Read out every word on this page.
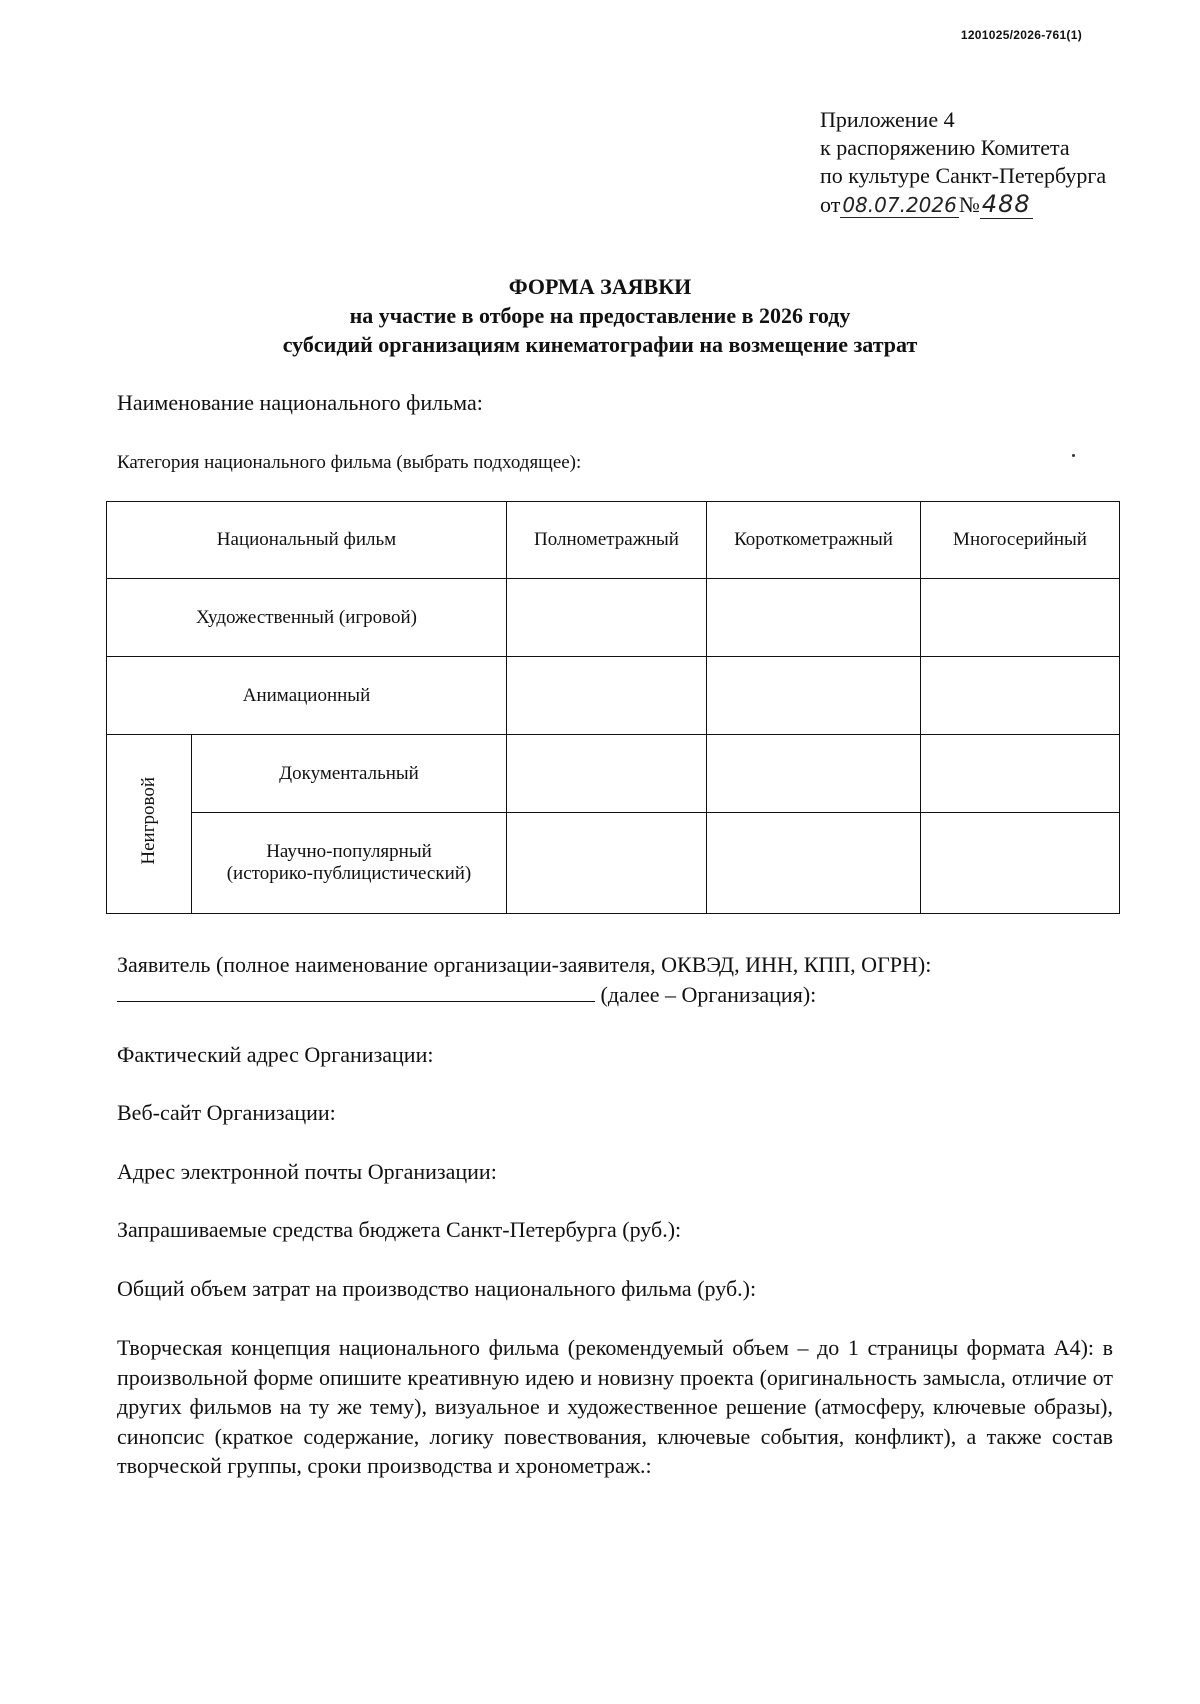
1201025/2026-761(1)
Приложение 4
к распоряжению Комитета
по культуре Санкт-Петербурга
от 08.07.2026№488
ФОРМА ЗАЯВКИ
на участие в отборе на предоставление в 2026 году
субсидий организациям кинематографии на возмещение затрат
Наименование национального фильма:
Категория национального фильма (выбрать подходящее):
Национальный фильм		Полнометражный	Короткометражный	Многосерийный
Художественный (игровой)				
Анимационный				
Неигровой	Документальный			

	Научно-популярный
(историко-публицистический)			

Заявитель (полное наименование организации-заявителя, ОКВЭД, ИНН, КПП, ОГРН):
(далее – Организация):
Фактический адрес Организации:
Веб-сайт Организации:
Адрес электронной почты Организации:
Запрашиваемые средства бюджета Санкт-Петербурга (руб.):
Общий объем затрат на производство национального фильма (руб.):
Творческая концепция национального фильма (рекомендуемый объем – до 1 страницы формата А4): в произвольной форме опишите креативную идею и новизну проекта (оригинальность замысла, отличие от других фильмов на ту же тему), визуальное и художественное решение (атмосферу, ключевые образы), синопсис (краткое содержание, логику повествования, ключевые события, конфликт), а также состав творческой группы, сроки производства и хронометраж.:
